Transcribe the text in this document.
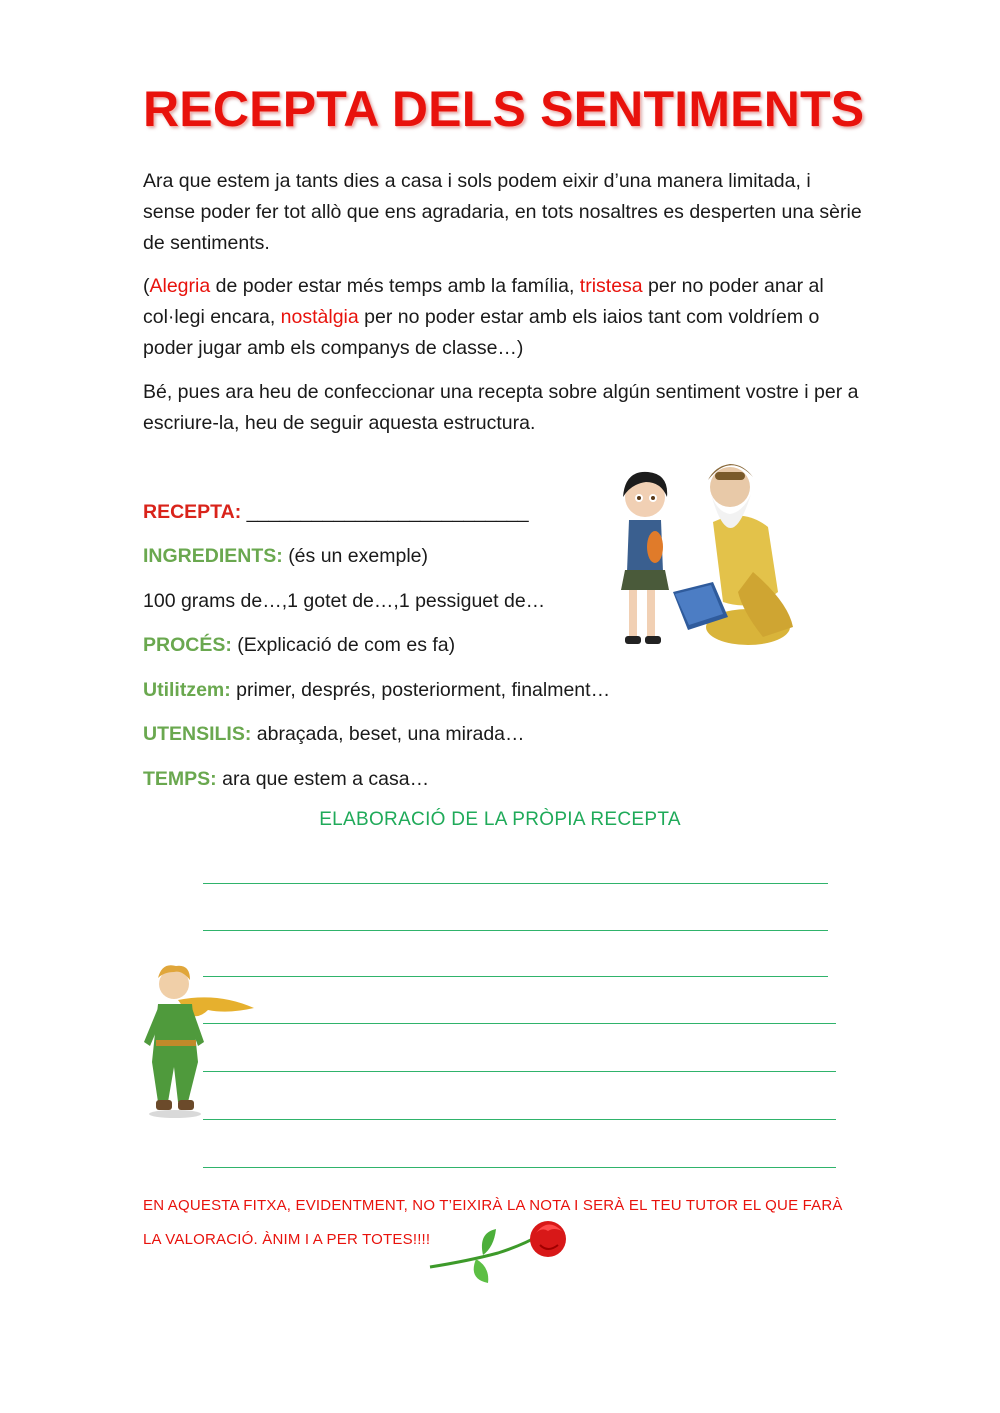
RECEPTA DELS SENTIMENTS

Ara que estem ja tants dies a casa i sols podem eixir d’una manera limitada, i sense poder fer tot allò que ens agradaria, en tots nosaltres es desperten una sèrie de sentiments.

(Alegria de poder estar més temps amb la família, tristesa per no poder anar al col·legi encara, nostàlgia per no poder estar amb els iaios tant com voldríem o poder jugar amb els companys de classe…)

Bé, pues ara heu de confeccionar una recepta sobre algún sentiment vostre i per a escriure-la, heu de seguir aquesta estructura.

RECEPTA: __________________________
INGREDIENTS: (és un exemple)
100 grams de…,1 gotet de…,1 pessiguet de…
PROCÉS: (Explicació de com es fa)
Utilitzem: primer, després, posteriorment, finalment…
UTENSILIS: abraçada, beset, una mirada…
TEMPS: ara que estem a casa…
ELABORACIÓ DE LA PRÒPIA RECEPTA
EN AQUESTA FITXA, EVIDENTMENT, NO T’EIXIRÀ LA NOTA I SERÀ EL TEU TUTOR EL QUE FARÀ LA VALORACIÓ. ÀNIM I A PER TOTES!!!!
